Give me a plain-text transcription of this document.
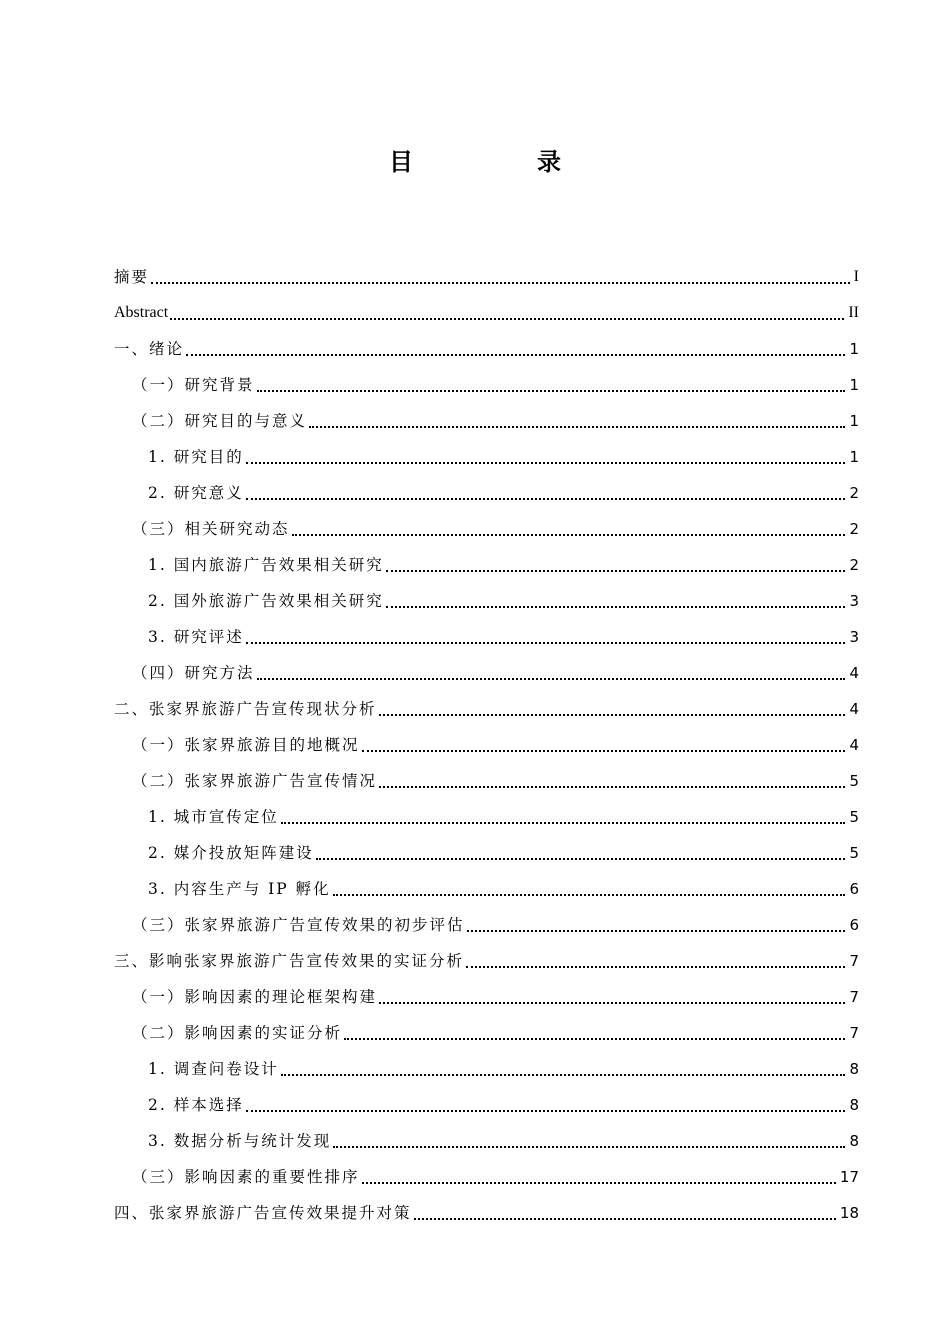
目　录
摘要	I
Abstract	II
一、绪论	1
（一）研究背景	1
（二）研究目的与意义	1
1. 研究目的	1
2. 研究意义	2
（三）相关研究动态	2
1. 国内旅游广告效果相关研究	2
2. 国外旅游广告效果相关研究	3
3. 研究评述	3
（四）研究方法	4
二、张家界旅游广告宣传现状分析	4
（一）张家界旅游目的地概况	4
（二）张家界旅游广告宣传情况	5
1. 城市宣传定位	5
2. 媒介投放矩阵建设	5
3. 内容生产与 IP 孵化	6
（三）张家界旅游广告宣传效果的初步评估	6
三、影响张家界旅游广告宣传效果的实证分析	7
（一）影响因素的理论框架构建	7
（二）影响因素的实证分析	7
1. 调查问卷设计	8
2. 样本选择	8
3. 数据分析与统计发现	8
（三）影响因素的重要性排序	17
四、张家界旅游广告宣传效果提升对策	18
